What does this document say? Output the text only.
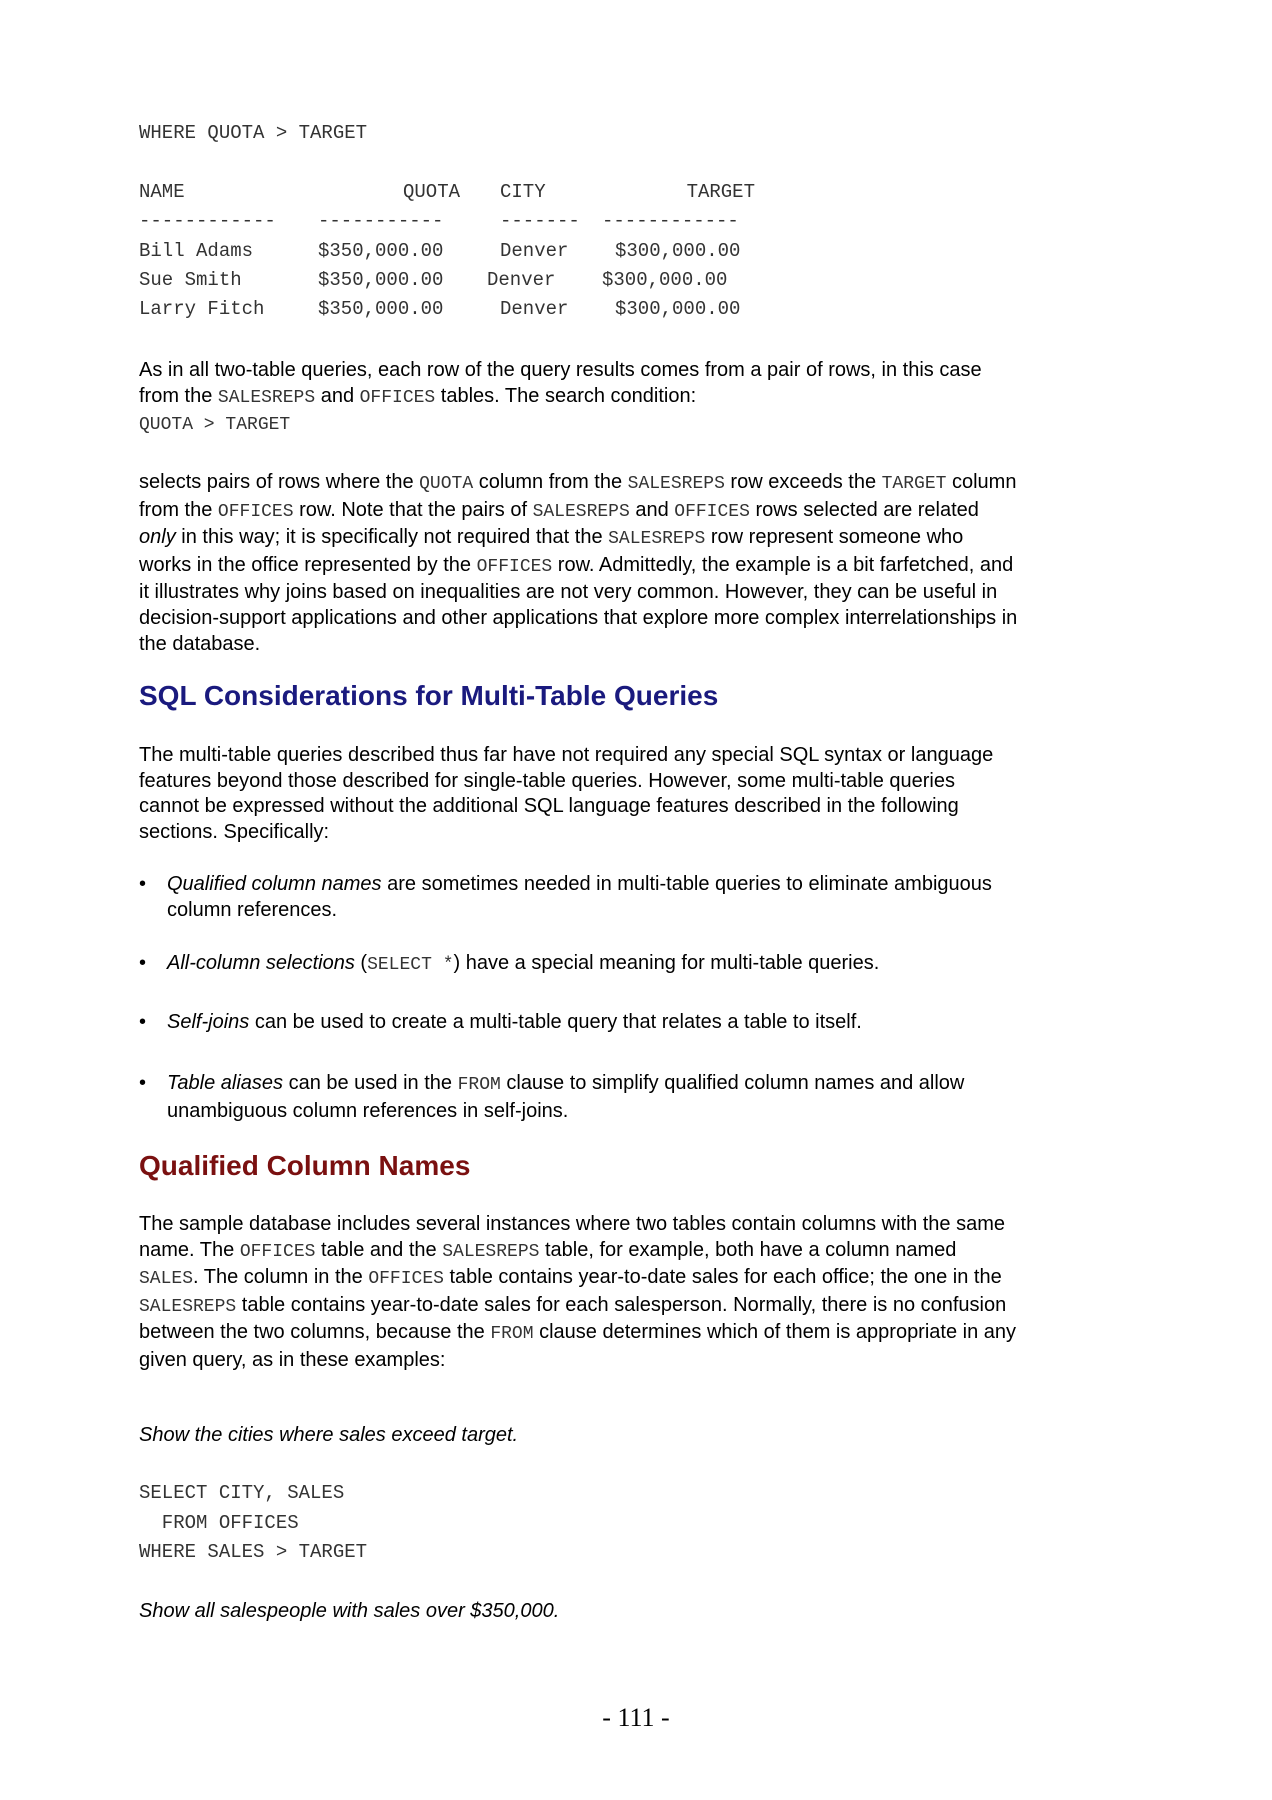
WHERE QUOTA > TARGET
NAME	QUOTA CITY	TARGET
------------ -----------	------- ------------
Bill Adams	$350,000.00	Denver $300,000.00
Sue Smith	$350,000.00 Denver $300,000.00
Larry Fitch	$350,000.00	Denver $300,000.00

As in all two-table queries, each row of the query results comes from a pair of rows, in this case from the SALESREPS and OFFICES tables. The search condition:
QUOTA > TARGET

selects pairs of rows where the QUOTA column from the SALESREPS row exceeds the TARGET column from the OFFICES row. Note that the pairs of SALESREPS and OFFICES rows selected are related only in this way; it is specifically not required that the SALESREPS row represent someone who works in the office represented by the OFFICES row. Admittedly, the example is a bit farfetched, and it illustrates why joins based on inequalities are not very common. However, they can be useful in decision-support applications and other applications that explore more complex interrelationships in the database.

SQL Considerations for Multi-Table Queries

The multi-table queries described thus far have not required any special SQL syntax or language features beyond those described for single-table queries. However, some multi-table queries cannot be expressed without the additional SQL language features described in the following sections. Specifically:

• Qualified column names are sometimes needed in multi-table queries to eliminate ambiguous column references.
• All-column selections (SELECT *) have a special meaning for multi-table queries.
• Self-joins can be used to create a multi-table query that relates a table to itself.
• Table aliases can be used in the FROM clause to simplify qualified column names and allow unambiguous column references in self-joins.
Qualified Column Names

The sample database includes several instances where two tables contain columns with the same name. The OFFICES table and the SALESREPS table, for example, both have a column named SALES. The column in the OFFICES table contains year-to-date sales for each office; the one in the SALESREPS table contains year-to-date sales for each salesperson. Normally, there is no confusion between the two columns, because the FROM clause determines which of them is appropriate in any given query, as in these examples:

Show the cities where sales exceed target.
SELECT CITY, SALES
FROM OFFICES
WHERE SALES > TARGET
Show all salespeople with sales over $350,000.
- 111 -
